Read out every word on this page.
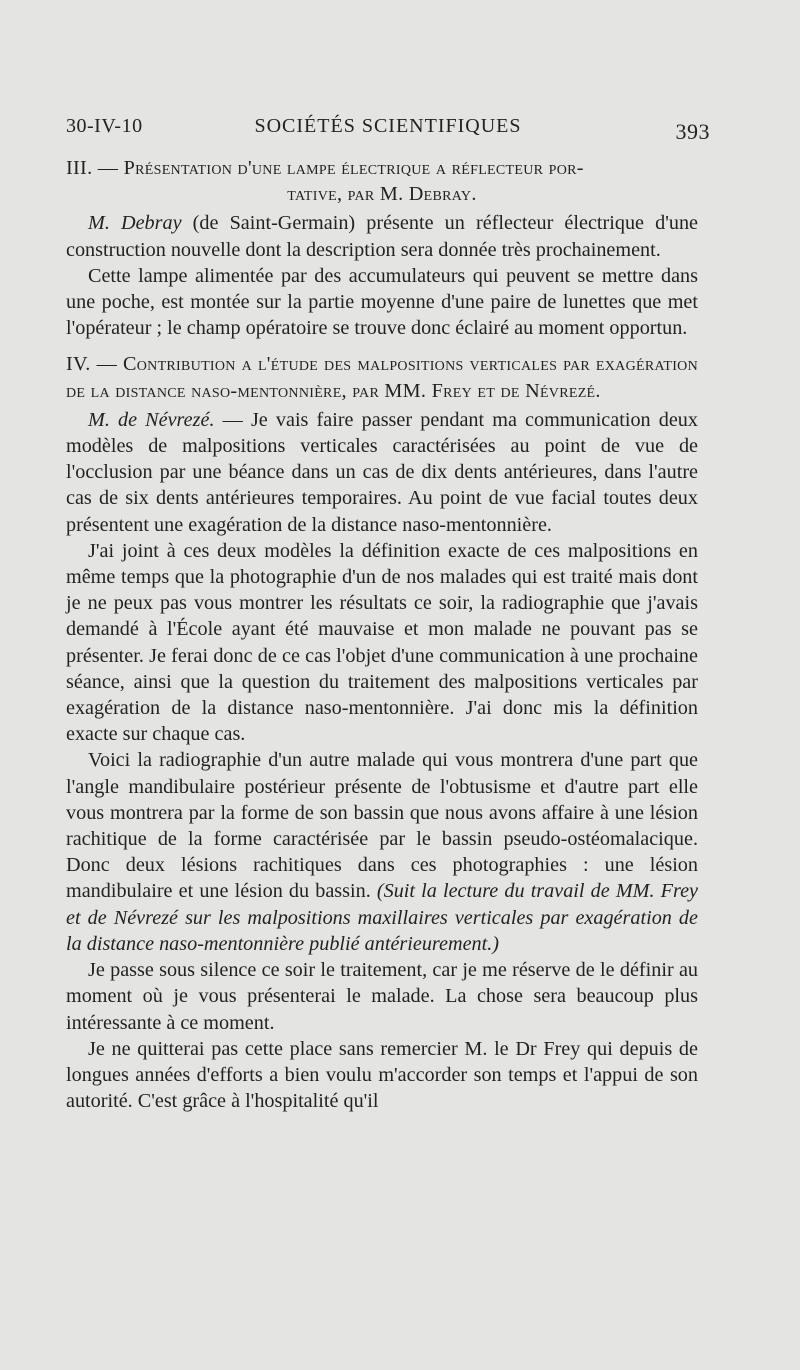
30-IV-10	SOCIÉTÉS SCIENTIFIQUES	393

III. — Présentation d'une lampe électrique a réflecteur por-
tative, par M. Debray.

M. Debray (de Saint-Germain) présente un réflecteur électrique d'une construction nouvelle dont la description sera donnée très prochainement.

Cette lampe alimentée par des accumulateurs qui peuvent se mettre dans une poche, est montée sur la partie moyenne d'une paire de lunettes que met l'opérateur ; le champ opératoire se trouve donc éclairé au moment opportun.

IV. — Contribution a l'étude des malpositions verticales par exagération de la distance naso-mentonnière, par MM. Frey et de Névrezé.

M. de Névrezé. — Je vais faire passer pendant ma communication deux modèles de malpositions verticales caractérisées au point de vue de l'occlusion par une béance dans un cas de dix dents antérieures, dans l'autre cas de six dents antérieures temporaires. Au point de vue facial toutes deux présentent une exagération de la distance naso-mentonnière.

J'ai joint à ces deux modèles la définition exacte de ces malpositions en même temps que la photographie d'un de nos malades qui est traité mais dont je ne peux pas vous montrer les résultats ce soir, la radiographie que j'avais demandé à l'École ayant été mauvaise et mon malade ne pouvant pas se présenter. Je ferai donc de ce cas l'objet d'une communication à une prochaine séance, ainsi que la question du traitement des malpositions verticales par exagération de la distance naso-mentonnière. J'ai donc mis la définition exacte sur chaque cas.

Voici la radiographie d'un autre malade qui vous montrera d'une part que l'angle mandibulaire postérieur présente de l'obtusisme et d'autre part elle vous montrera par la forme de son bassin que nous avons affaire à une lésion rachitique de la forme caractérisée par le bassin pseudo-ostéomalacique. Donc deux lésions rachitiques dans ces photographies : une lésion mandibulaire et une lésion du bassin. (Suit la lecture du travail de MM. Frey et de Névrezé sur les malpositions maxillaires verticales par exagération de la distance naso-mentonnière publié antérieurement.)

Je passe sous silence ce soir le traitement, car je me réserve de le définir au moment où je vous présenterai le malade. La chose sera beaucoup plus intéressante à ce moment.

Je ne quitterai pas cette place sans remercier M. le Dr Frey qui depuis de longues années d'efforts a bien voulu m'accorder son temps et l'appui de son autorité. C'est grâce à l'hospitalité qu'il
